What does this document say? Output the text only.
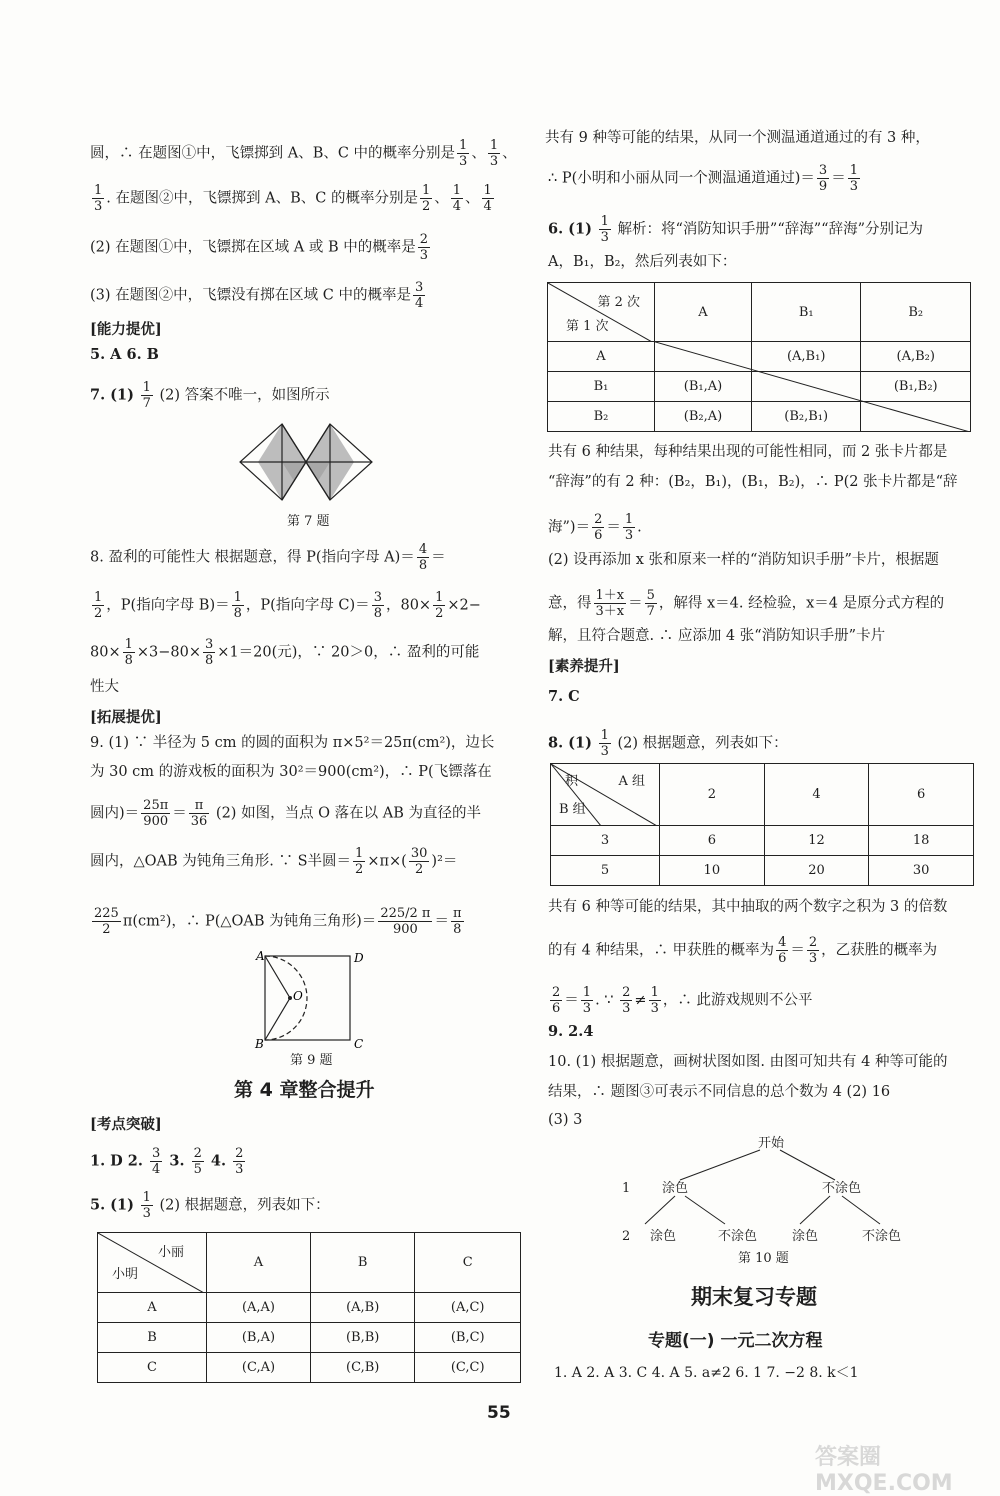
圆，∴ 在题图①中，飞镖掷到 A、B、C 中的概率分别是 $\frac{1}{3}$ 、 $\frac{1}{3}$ 、
$\frac{1}{3}$ . 在题图②中，飞镖掷到 A、B、C 的概率分别是 $\frac{1}{2}$ 、 $\frac{1}{4}$ 、 $\frac{1}{4}$
(2) 在题图①中，飞镖掷在区域 A 或 B 中的概率是 $\frac{2}{3}$
(3) 在题图②中，飞镖没有掷在区域 C 中的概率是 $\frac{3}{4}$
[能力提优]
5. A 6. B
7. $(1) \frac{1}{7} (2)$ 答案不唯一，如图所示
第 7 题
8. 盈利的可能性大 根据题意，得 P(指向字母 $A)= \frac{4}{8}$ ＝
$\frac{1}{2}$ ，P(指向字母 $B)= \frac{1}{8}$ ，P(指向字母 $C)= \frac{3}{8}$ ，$80\times \frac{1}{2} \times 2-$
$80\times \frac{1}{8} \times 3-80\times \frac{3}{8} \times 1=20$(元)，∵ 20＞0，∴ 盈利的可能
性大
[拓展提优]
9. (1) ∵ 半径为 5 cm 的圆的面积为 π×5²＝25π(cm²)，边长
为 30 cm 的游戏板的面积为 30²＝900(cm²)，∴ P(飞镖落在
圆内)＝ $\frac{25\pi}{900} = \frac{\pi}{36} (2)$ 如图，当点 O 落在以 AB 为直径的半
圆内，△OAB 为钝角三角形. ∵ S半圆＝ $\frac{1}{2} \times\pi\times( \frac{30}{2} )^2=$
$\frac{225}{2} \pi(cm^2)$，∴ P(△OAB 为钝角三角形)＝ $\frac{225/2 \pi}{900} = \frac{\pi}{8}$
A	D
O
B	C
第 9 题
第 4 章整合提升
[考点突破]
1. D 2. $\frac{3}{4} 3$. $\frac{2}{5} 4$. $\frac{2}{3}$
5. $(1) \frac{1}{3} (2)$ 根据题意，列表如下：
小丽
小明	A	B	C
A	(A,A)	(A,B)	(A,C)
B	(B,A)	(B,B)	(B,C)
C	(C,A)	(C,B)	(C,C)
共有 9 种等可能的结果，从同一个测温通道通过的有 3 种，
∴ P(小明和小丽从同一个测温通道通过)＝ $\frac{3}{9} = \frac{1}{3}$
6. $(1) \frac{1}{3}$ 解析：将“消防知识手册”“辞海”“辞海”分别记为
A，B₁，B₂，然后列表如下：
第 2 次
第 1 次	A	B₁	B₂
A		(A,B₁)	(A,B₂)
B₁	(B₁,A)		(B₁,B₂)
B₂	(B₂,A)	(B₂,B₁)	
共有 6 种结果，每种结果出现的可能性相同，而 2 张卡片都是
“辞海”的有 2 种：(B₂，B₁)，(B₁，B₂)，∴ P(2 张卡片都是“辞
海”)＝ $\frac{2}{6} = \frac{1}{3}$ .
(2) 设再添加 x 张和原来一样的“消防知识手册”卡片，根据题
意，得 $\frac{1+x}{3+x} = \frac{5}{7}$ ，解得 x＝4. 经检验，x＝4 是原分式方程的
解，且符合题意. ∴ 应添加 4 张“消防知识手册”卡片
[素养提升]
7. C
8. $(1) \frac{1}{3} (2)$ 根据题意，列表如下：
积 A 组
B 组	2	4	6
3	6	12	18
5	10	20	30
共有 6 种等可能的结果，其中抽取的两个数字之积为 3 的倍数
的有 4 种结果，∴ 甲获胜的概率为 $\frac{4}{6} = \frac{2}{3}$ ，乙获胜的概率为
$\frac{2}{6} = \frac{1}{3}$ . ∵ $\frac{2}{3} \ne \frac{1}{3}$ ，∴ 此游戏规则不公平
9. 2.4
10. (1) 根据题意，画树状图如图. 由图可知共有 4 种等可能的
结果，∴ 题图③可表示不同信息的总个数为 4 (2) 16
(3) 3
开始
1 涂色	不涂色
2 涂色	不涂色	涂色	不涂色
第 10 题
期末复习专题
专题(一) 一元二次方程
1. A 2. A 3. C 4. A 5. a≠2 6. 1 7. −2 8. k＜1
55
答案圈 MXQE.COM
